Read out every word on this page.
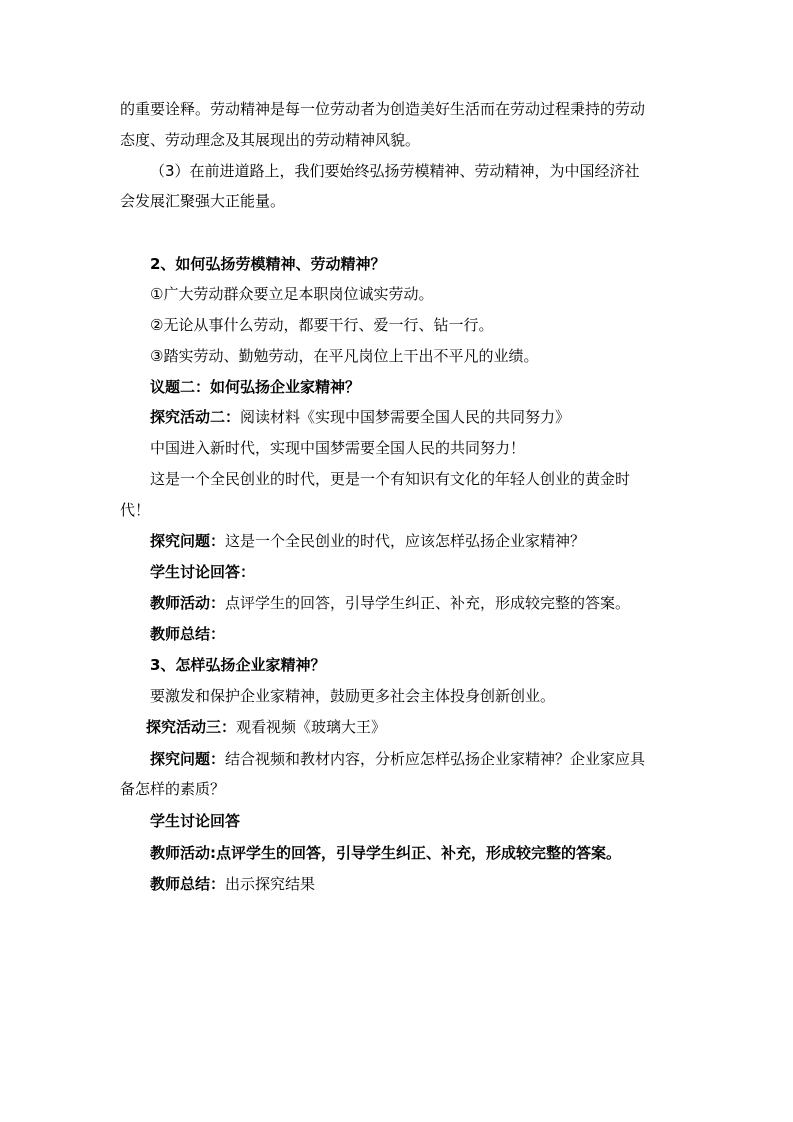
的重要诠释。劳动精神是每一位劳动者为创造美好生活而在劳动过程秉持的劳动
态度、劳动理念及其展现出的劳动精神风貌。
（3）在前进道路上，我们要始终弘扬劳模精神、劳动精神，为中国经济社
会发展汇聚强大正能量。
2、如何弘扬劳模精神、劳动精神？
①广大劳动群众要立足本职岗位诚实劳动。
②无论从事什么劳动，都要干行、爱一行、钻一行。
③踏实劳动、勤勉劳动，在平凡岗位上干出不平凡的业绩。
议题二：如何弘扬企业家精神？
探究活动二：阅读材料《实现中国梦需要全国人民的共同努力》
中国进入新时代，实现中国梦需要全国人民的共同努力！
这是一个全民创业的时代，更是一个有知识有文化的年轻人创业的黄金时
代！
探究问题：这是一个全民创业的时代，应该怎样弘扬企业家精神？
学生讨论回答：
教师活动：点评学生的回答，引导学生纠正、补充，形成较完整的答案。
教师总结：
3、怎样弘扬企业家精神？
要激发和保护企业家精神，鼓励更多社会主体投身创新创业。
探究活动三：观看视频《玻璃大王》
探究问题：结合视频和教材内容，分析应怎样弘扬企业家精神？企业家应具
备怎样的素质？
学生讨论回答
教师活动:点评学生的回答，引导学生纠正、补充，形成较完整的答案。
教师总结：出示探究结果
